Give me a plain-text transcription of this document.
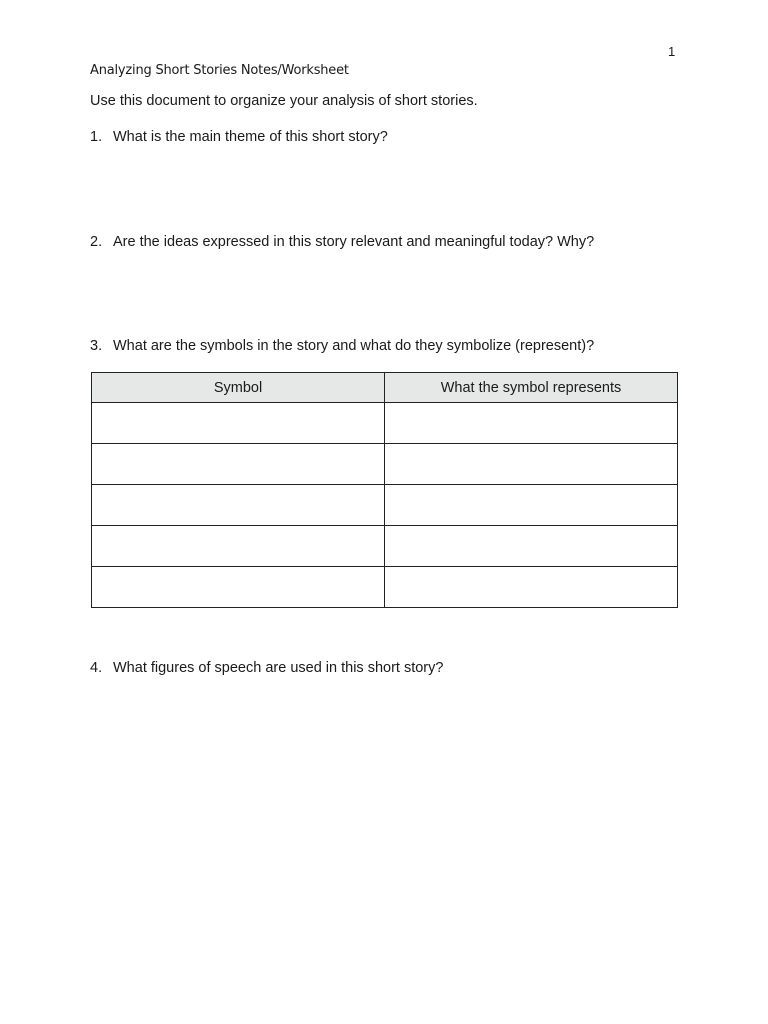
1
Analyzing Short Stories Notes/Worksheet
Use this document to organize your analysis of short stories.
1. What is the main theme of this short story?
2. Are the ideas expressed in this story relevant and meaningful today? Why?
3. What are the symbols in the story and what do they symbolize (represent)?
Symbol	What the symbol represents

4. What figures of speech are used in this short story?
